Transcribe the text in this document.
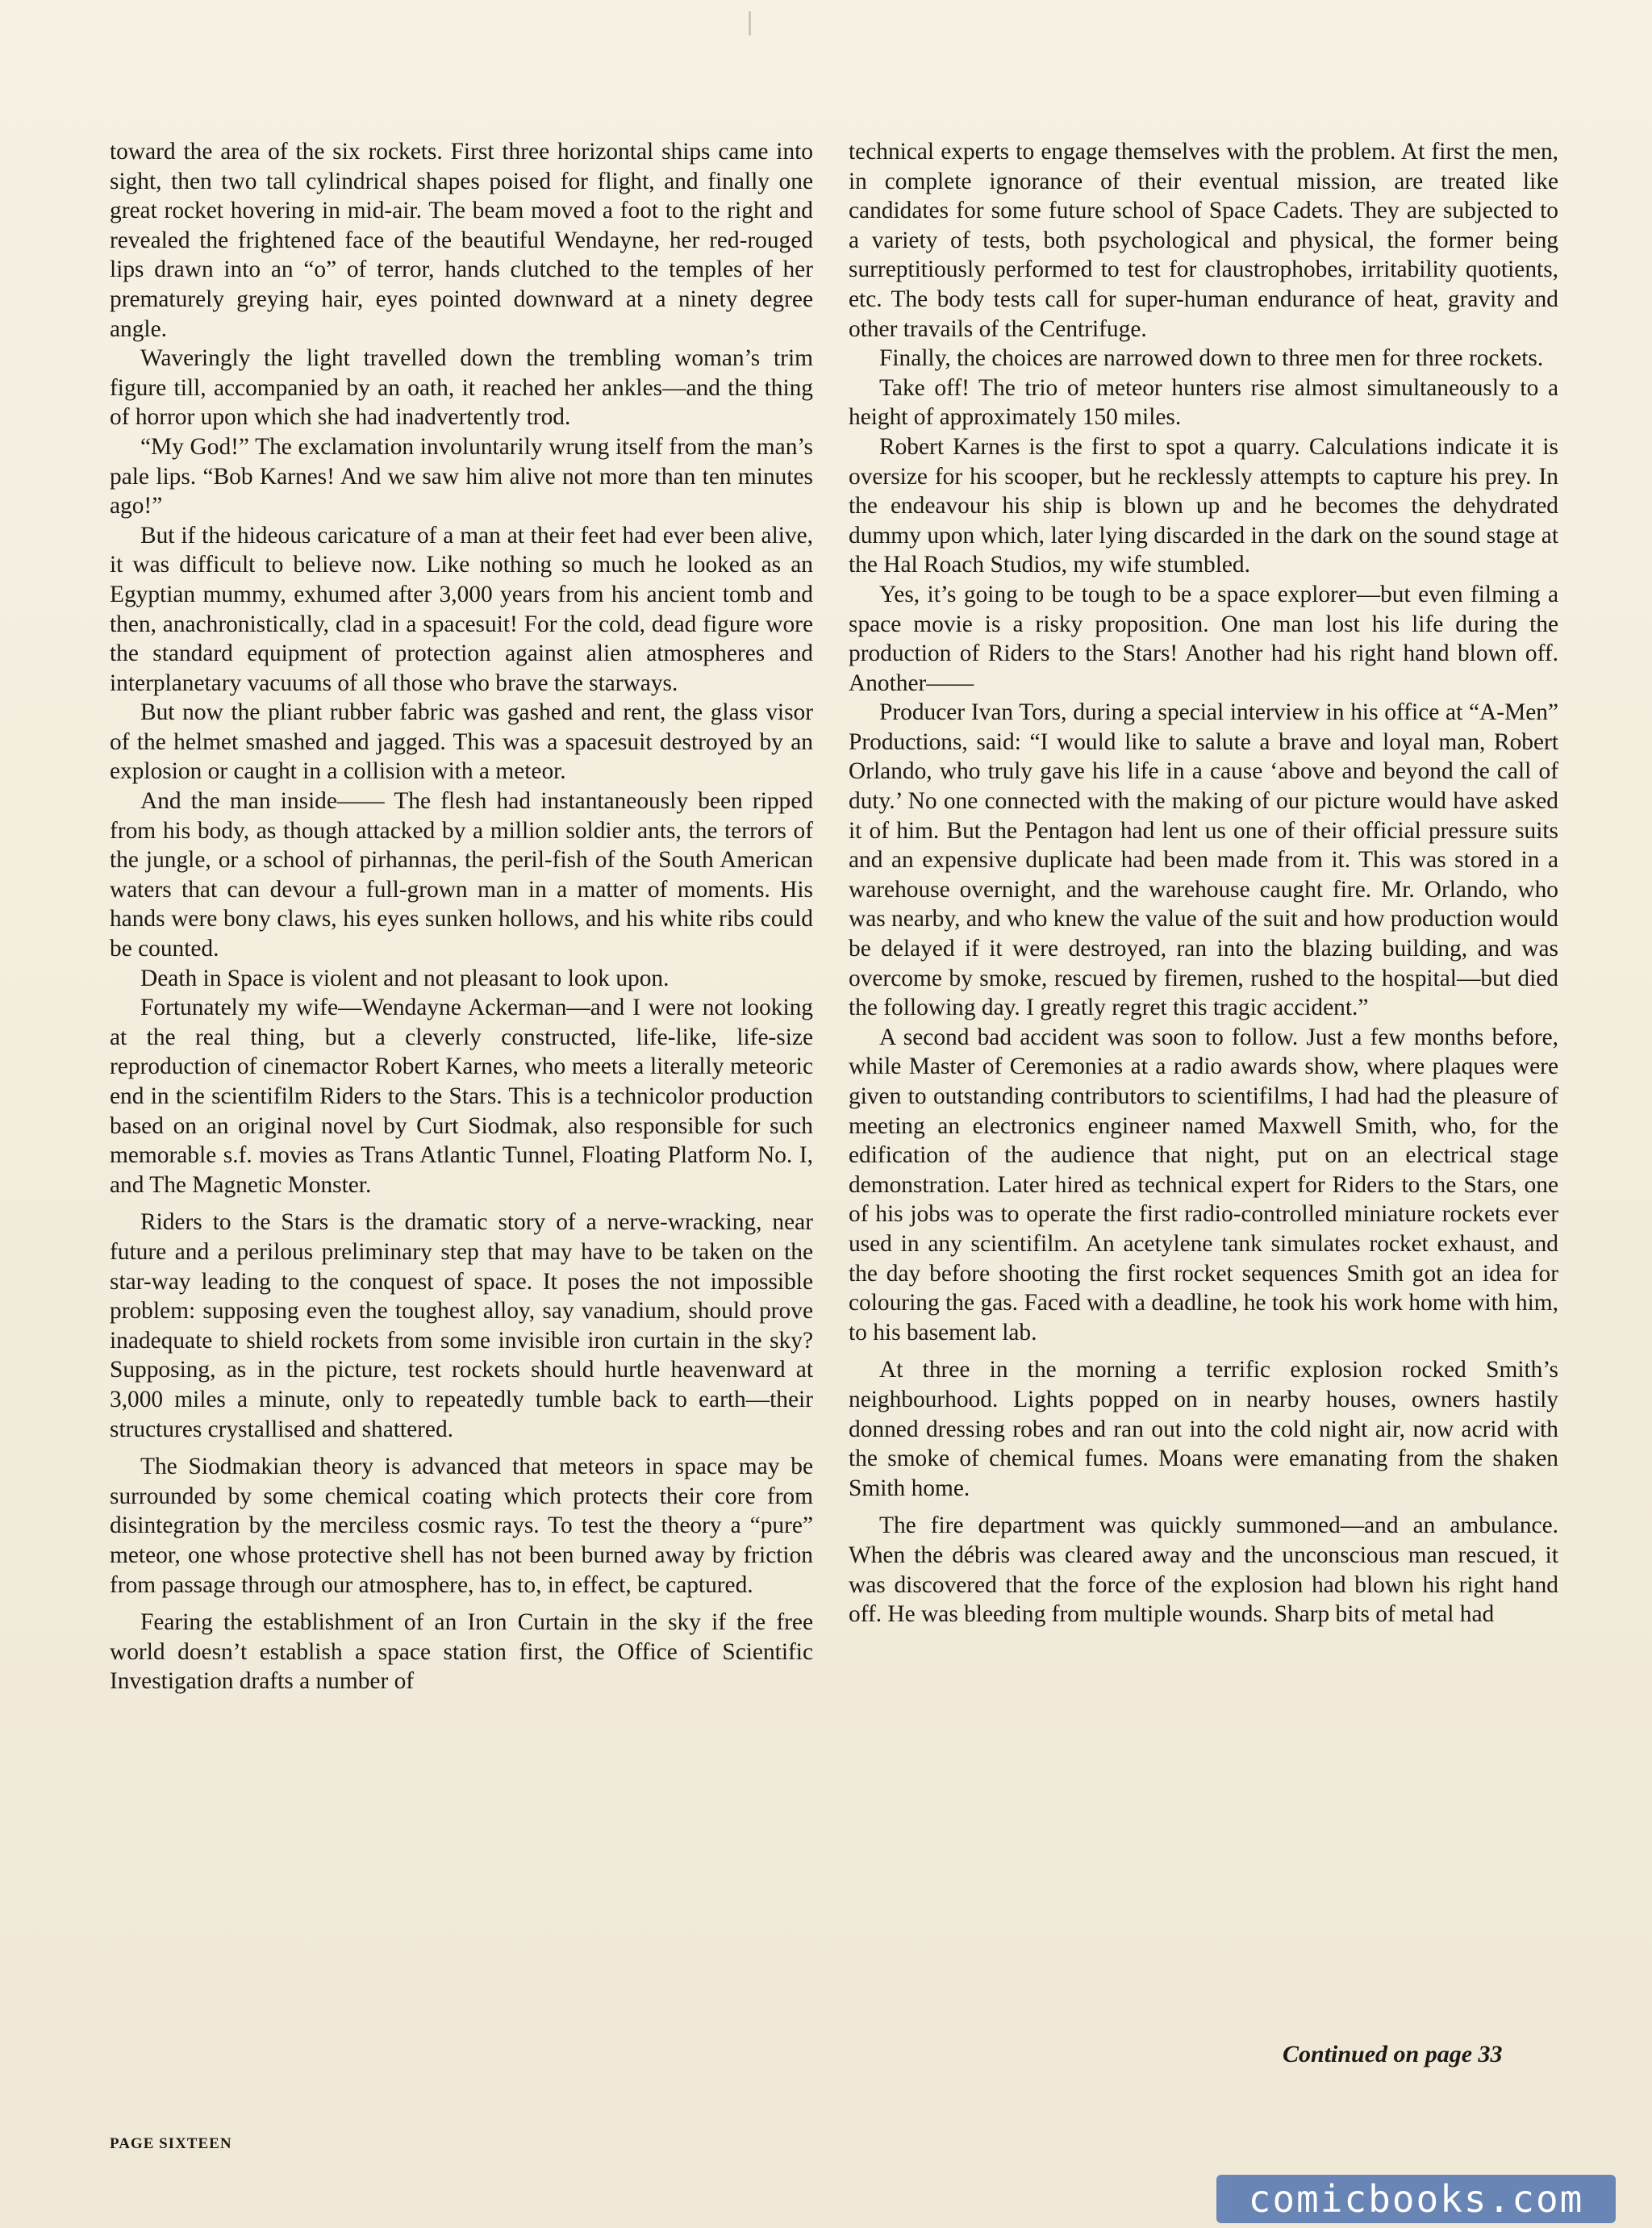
toward the area of the six rockets. First three horizontal ships came into sight, then two tall cylindrical shapes poised for flight, and finally one great rocket hovering in mid-air. The beam moved a foot to the right and revealed the frightened face of the beautiful Wendayne, her red-rouged lips drawn into an “o” of terror, hands clutched to the temples of her prematurely greying hair, eyes pointed downward at a ninety degree angle.

Waveringly the light travelled down the trembling woman’s trim figure till, accompanied by an oath, it reached her ankles—and the thing of horror upon which she had inadvertently trod.

“My God!” The exclamation involuntarily wrung itself from the man’s pale lips. “Bob Karnes! And we saw him alive not more than ten minutes ago!”

But if the hideous caricature of a man at their feet had ever been alive, it was difficult to believe now. Like nothing so much he looked as an Egyptian mummy, exhumed after 3,000 years from his ancient tomb and then, anachronistically, clad in a spacesuit! For the cold, dead figure wore the standard equipment of protection against alien atmospheres and interplanetary vacuums of all those who brave the starways.

But now the pliant rubber fabric was gashed and rent, the glass visor of the helmet smashed and jagged. This was a spacesuit destroyed by an explosion or caught in a collision with a meteor.

And the man inside—— The flesh had instantaneously been ripped from his body, as though attacked by a million soldier ants, the terrors of the jungle, or a school of pirhannas, the peril-fish of the South American waters that can devour a full-grown man in a matter of moments. His hands were bony claws, his eyes sunken hollows, and his white ribs could be counted.

Death in Space is violent and not pleasant to look upon.

Fortunately my wife—Wendayne Ackerman—and I were not looking at the real thing, but a cleverly constructed, life-like, life-size reproduction of cinemactor Robert Karnes, who meets a literally meteoric end in the scientifilm Riders to the Stars. This is a technicolor production based on an original novel by Curt Siodmak, also responsible for such memorable s.f. movies as Trans Atlantic Tunnel, Floating Platform No. I, and The Magnetic Monster.

Riders to the Stars is the dramatic story of a nerve-wracking, near future and a perilous preliminary step that may have to be taken on the star-way leading to the conquest of space. It poses the not impossible problem: supposing even the toughest alloy, say vanadium, should prove inadequate to shield rockets from some invisible iron curtain in the sky? Supposing, as in the picture, test rockets should hurtle heavenward at 3,000 miles a minute, only to repeatedly tumble back to earth—their structures crystallised and shattered.

The Siodmakian theory is advanced that meteors in space may be surrounded by some chemical coating which protects their core from disintegration by the merciless cosmic rays. To test the theory a “pure” meteor, one whose protective shell has not been burned away by friction from passage through our atmosphere, has to, in effect, be captured.

Fearing the establishment of an Iron Curtain in the sky if the free world doesn’t establish a space station first, the Office of Scientific Investigation drafts a number of

technical experts to engage themselves with the problem. At first the men, in complete ignorance of their eventual mission, are treated like candidates for some future school of Space Cadets. They are subjected to a variety of tests, both psychological and physical, the former being surreptitiously performed to test for claustrophobes, irritability quotients, etc. The body tests call for super-human endurance of heat, gravity and other travails of the Centrifuge.

Finally, the choices are narrowed down to three men for three rockets.

Take off! The trio of meteor hunters rise almost simultaneously to a height of approximately 150 miles.

Robert Karnes is the first to spot a quarry. Calculations indicate it is oversize for his scooper, but he recklessly attempts to capture his prey. In the endeavour his ship is blown up and he becomes the dehydrated dummy upon which, later lying discarded in the dark on the sound stage at the Hal Roach Studios, my wife stumbled.

Yes, it’s going to be tough to be a space explorer—but even filming a space movie is a risky proposition. One man lost his life during the production of Riders to the Stars! Another had his right hand blown off. Another——

Producer Ivan Tors, during a special interview in his office at “A-Men” Productions, said: “I would like to salute a brave and loyal man, Robert Orlando, who truly gave his life in a cause ‘above and beyond the call of duty.’ No one connected with the making of our picture would have asked it of him. But the Pentagon had lent us one of their official pressure suits and an expensive duplicate had been made from it. This was stored in a warehouse overnight, and the warehouse caught fire. Mr. Orlando, who was nearby, and who knew the value of the suit and how production would be delayed if it were destroyed, ran into the blazing building, and was overcome by smoke, rescued by firemen, rushed to the hospital—but died the following day. I greatly regret this tragic accident.”

A second bad accident was soon to follow. Just a few months before, while Master of Ceremonies at a radio awards show, where plaques were given to outstanding contributors to scientifilms, I had had the pleasure of meeting an electronics engineer named Maxwell Smith, who, for the edification of the audience that night, put on an electrical stage demonstration. Later hired as technical expert for Riders to the Stars, one of his jobs was to operate the first radio-controlled miniature rockets ever used in any scientifilm. An acetylene tank simulates rocket exhaust, and the day before shooting the first rocket sequences Smith got an idea for colouring the gas. Faced with a deadline, he took his work home with him, to his basement lab.

At three in the morning a terrific explosion rocked Smith’s neighbourhood. Lights popped on in nearby houses, owners hastily donned dressing robes and ran out into the cold night air, now acrid with the smoke of chemical fumes. Moans were emanating from the shaken Smith home.

The fire department was quickly summoned—and an ambulance. When the débris was cleared away and the unconscious man rescued, it was discovered that the force of the explosion had blown his right hand off. He was bleeding from multiple wounds. Sharp bits of metal had

Continued on page 33
PAGE SIXTEEN
comicbooks.com
